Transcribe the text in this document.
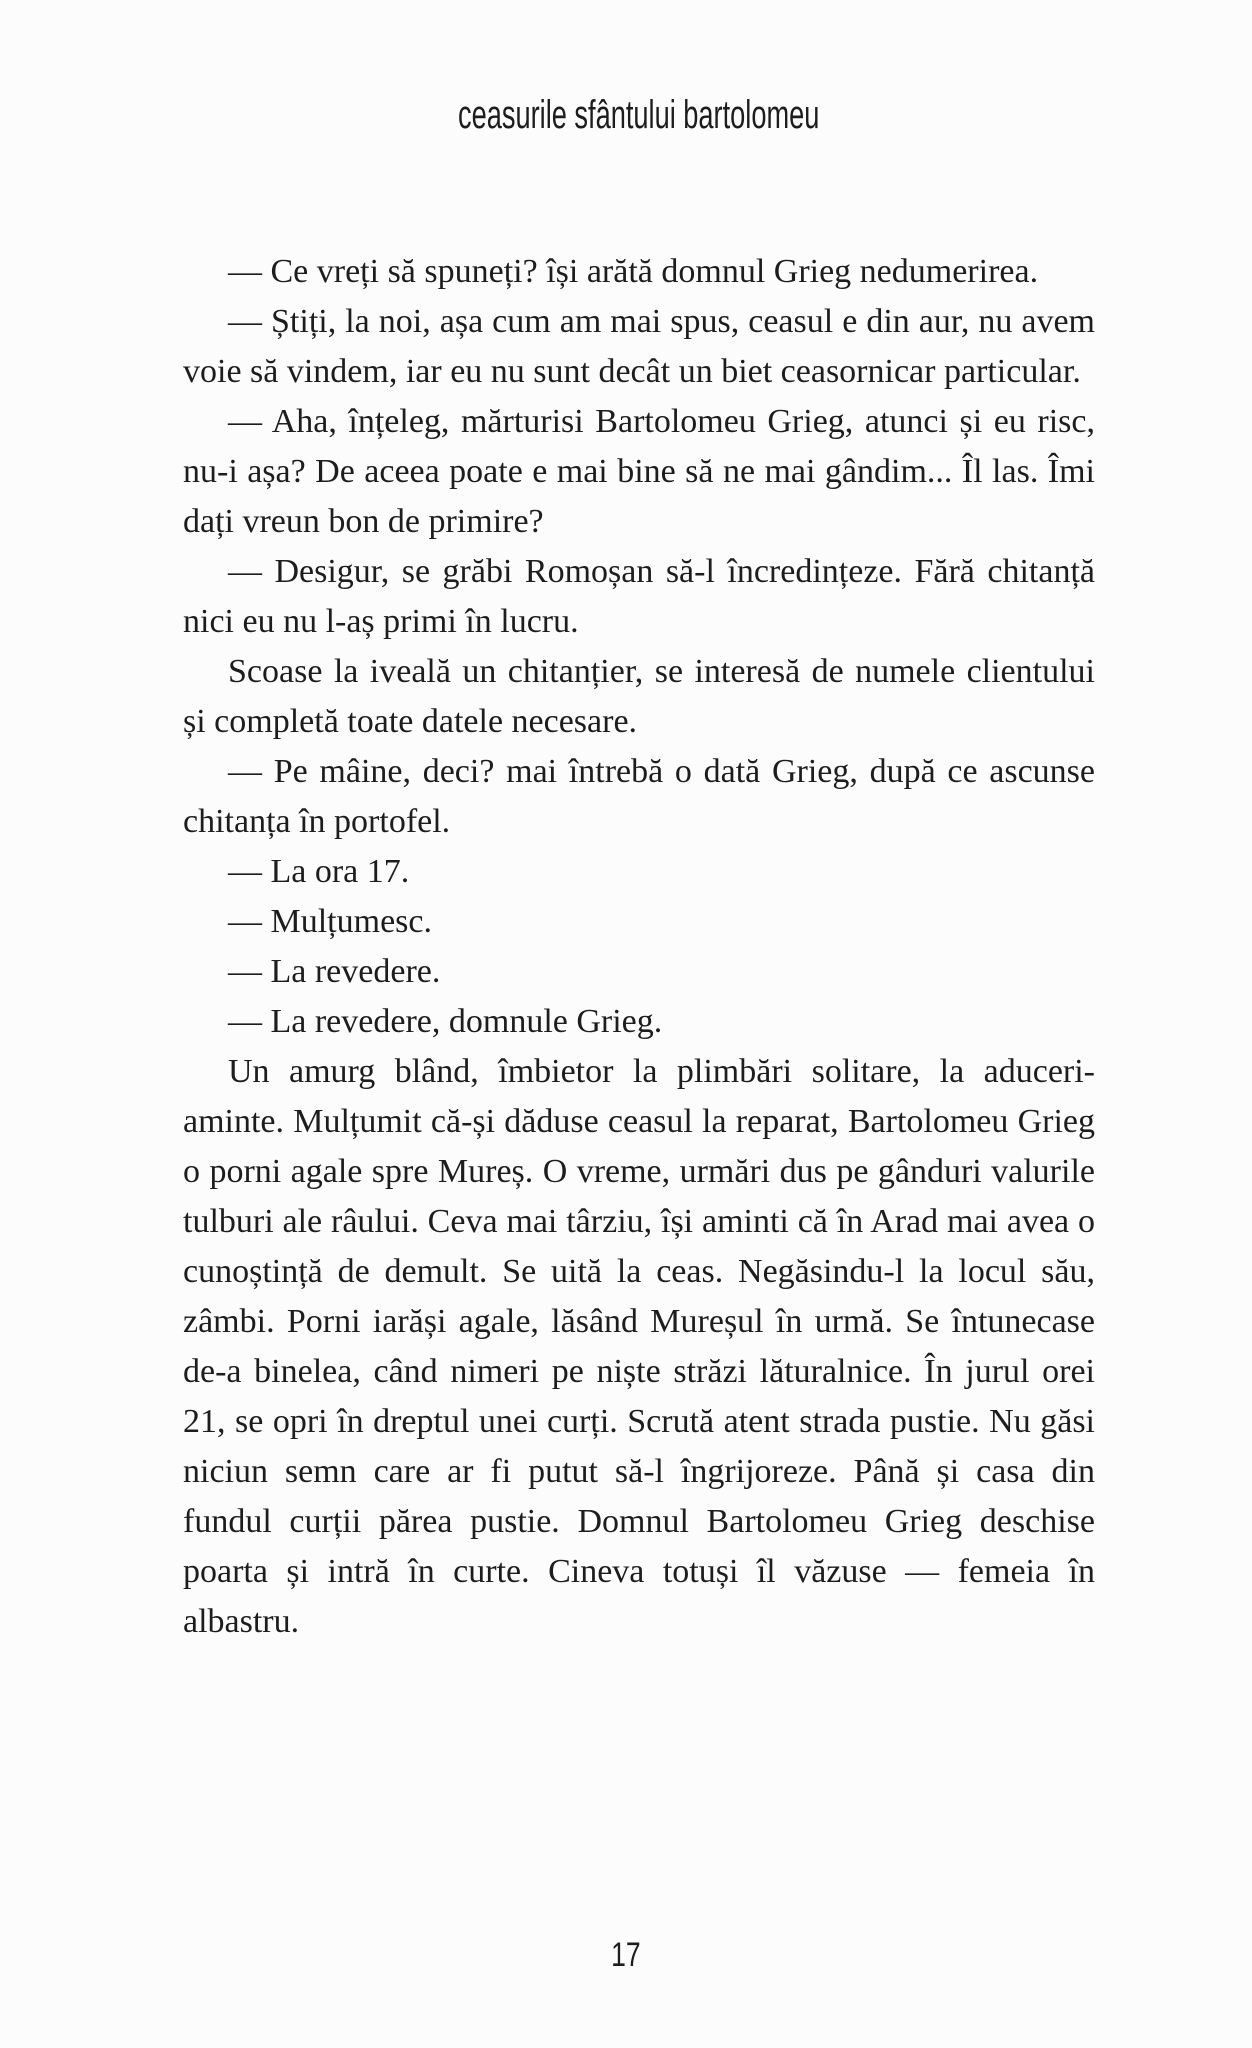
ceasurile sfântului bartolomeu

— Ce vreți să spuneți? își arătă domnul Grieg nedumerirea.

— Știți, la noi, așa cum am mai spus, ceasul e din aur, nu avem voie să vindem, iar eu nu sunt decât un biet ceasornicar particular.

— Aha, înțeleg, mărturisi Bartolomeu Grieg, atunci și eu risc, nu-i așa? De aceea poate e mai bine să ne mai gândim... Îl las. Îmi dați vreun bon de primire?

— Desigur, se grăbi Romoșan să-l încredințeze. Fără chitanță nici eu nu l-aș primi în lucru.

Scoase la iveală un chitanțier, se interesă de numele clientului și completă toate datele necesare.

— Pe mâine, deci? mai întrebă o dată Grieg, după ce ascunse chitanța în portofel.

— La ora 17.

— Mulțumesc.

— La revedere.

— La revedere, domnule Grieg.

Un amurg blând, îmbietor la plimbări solitare, la aduceri-aminte. Mulțumit că-și dăduse ceasul la reparat, Bartolomeu Grieg o porni agale spre Mureș. O vreme, urmări dus pe gânduri valurile tulburi ale râului. Ceva mai târziu, își aminti că în Arad mai avea o cunoștință de demult. Se uită la ceas. Negăsindu-l la locul său, zâmbi. Porni iarăși agale, lăsând Mureșul în urmă. Se întunecase de-a binelea, când nimeri pe niște străzi lăturalnice. În jurul orei 21, se opri în dreptul unei curți. Scrută atent strada pustie. Nu găsi niciun semn care ar fi putut să-l îngrijoreze. Până și casa din fundul curții părea pustie. Domnul Bartolomeu Grieg deschise poarta și intră în curte. Cineva totuși îl văzuse — femeia în albastru.

17
